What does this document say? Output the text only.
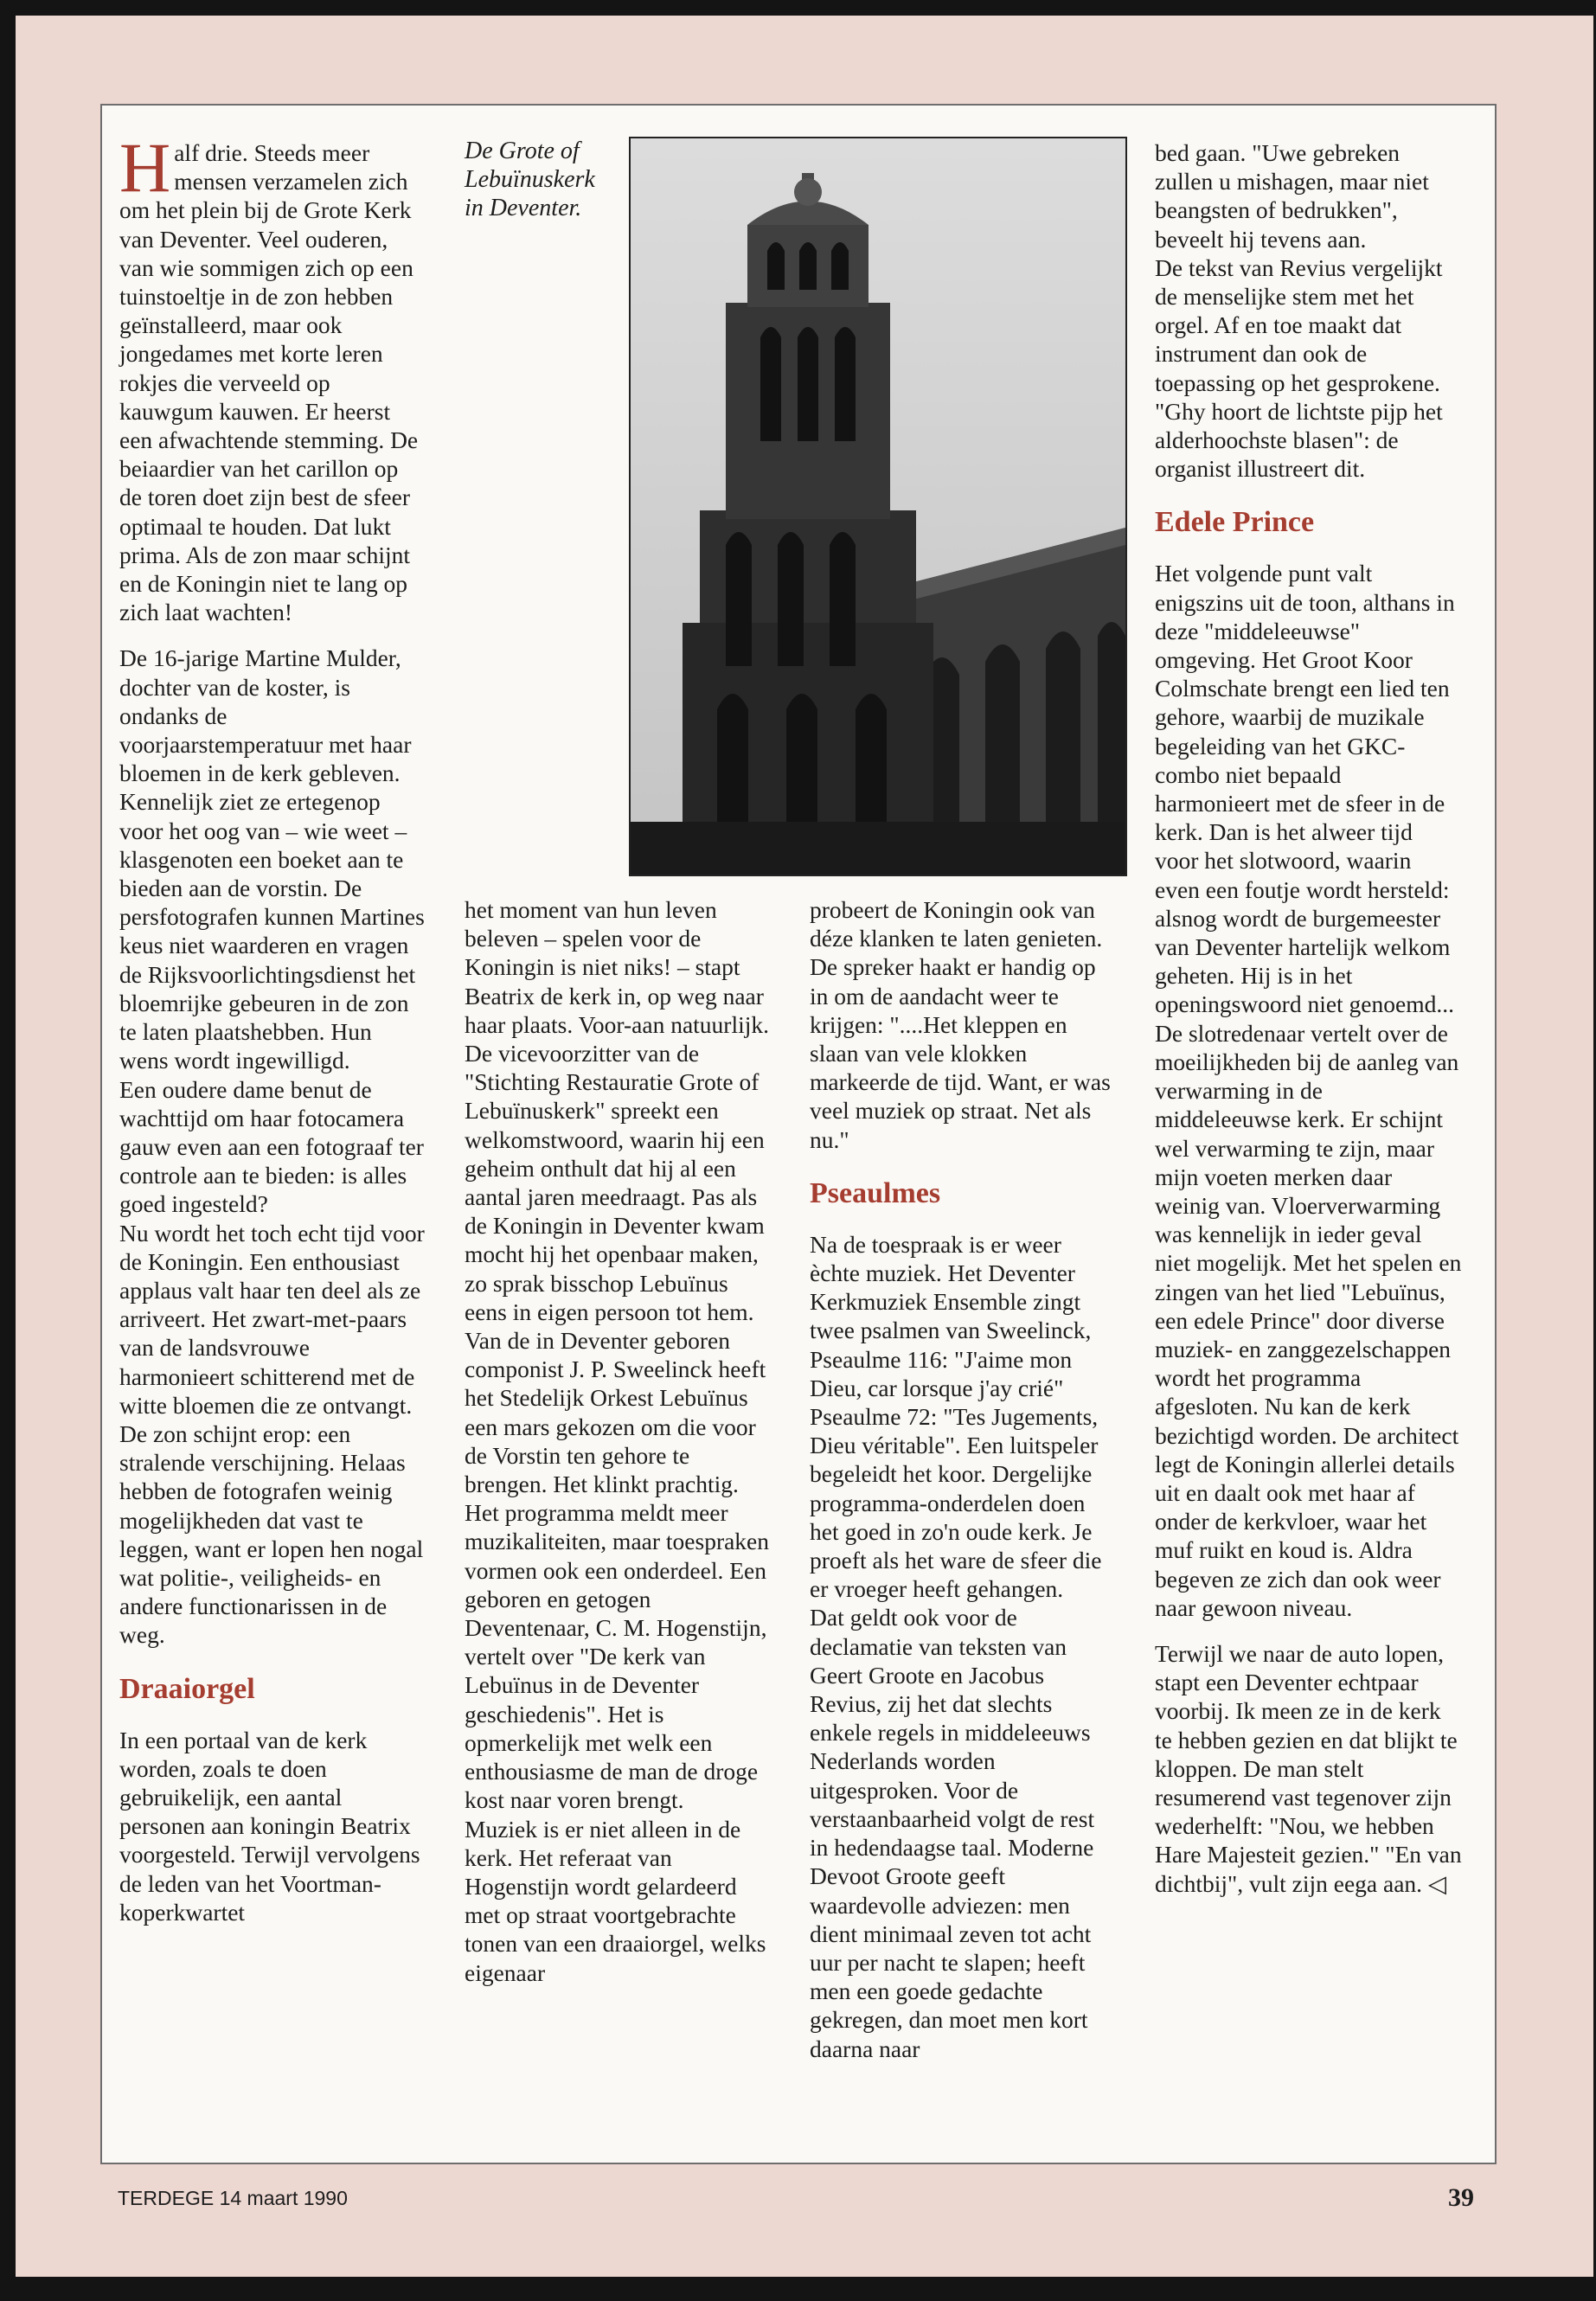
Half drie. Steeds meer mensen verzamelen zich om het plein bij de Grote Kerk van Deventer. Veel ouderen, van wie sommigen zich op een tuinstoeltje in de zon hebben geïnstalleerd, maar ook jongedames met korte leren rokjes die verveeld op kauwgum kauwen. Er heerst een afwachtende stemming. De beiaardier van het carillon op de toren doet zijn best de sfeer optimaal te houden. Dat lukt prima. Als de zon maar schijnt en de Koningin niet te lang op zich laat wachten!

De 16-jarige Martine Mulder, dochter van de koster, is ondanks de voorjaarstemperatuur met haar bloemen in de kerk gebleven. Kennelijk ziet ze ertegenop voor het oog van – wie weet – klasgenoten een boeket aan te bieden aan de vorstin. De persfotografen kunnen Martines keus niet waarderen en vragen de Rijksvoorlichtingsdienst het bloemrijke gebeuren in de zon te laten plaatshebben. Hun wens wordt ingewilligd.

Een oudere dame benut de wachttijd om haar fotocamera gauw even aan een fotograaf ter controle aan te bieden: is alles goed ingesteld?

Nu wordt het toch echt tijd voor de Koningin. Een enthousiast applaus valt haar ten deel als ze arriveert. Het zwart-met-paars van de landsvrouwe harmonieert schitterend met de witte bloemen die ze ontvangt. De zon schijnt erop: een stralende verschijning. Helaas hebben de fotografen weinig mogelijkheden dat vast te leggen, want er lopen hen nogal wat politie-, veiligheids- en andere functionarissen in de weg.

Draaiorgel

In een portaal van de kerk worden, zoals te doen gebruikelijk, een aantal personen aan koningin Beatrix voorgesteld. Terwijl vervolgens de leden van het Voortman-koperkwartet

De Grote of Lebuïnuskerk in Deventer.

het moment van hun leven beleven – spelen voor de Koningin is niet niks! – stapt Beatrix de kerk in, op weg naar haar plaats. Voor-aan natuurlijk. De vicevoorzitter van de "Stichting Restauratie Grote of Lebuïnuskerk" spreekt een welkomstwoord, waarin hij een geheim onthult dat hij al een aantal jaren meedraagt. Pas als de Koningin in Deventer kwam mocht hij het openbaar maken, zo sprak bisschop Lebuïnus eens in eigen persoon tot hem.

Van de in Deventer geboren componist J. P. Sweelinck heeft het Stedelijk Orkest Lebuïnus een mars gekozen om die voor de Vorstin ten gehore te brengen. Het klinkt prachtig.

Het programma meldt meer muzikaliteiten, maar toespraken vormen ook een onderdeel. Een geboren en getogen Deventenaar, C. M. Hogenstijn, vertelt over "De kerk van Lebuïnus in de Deventer geschiedenis". Het is opmerkelijk met welk een enthousiasme de man de droge kost naar voren brengt.

Muziek is er niet alleen in de kerk. Het referaat van Hogenstijn wordt gelardeerd met op straat voortgebrachte tonen van een draaiorgel, welks eigenaar

probeert de Koningin ook van déze klanken te laten genieten. De spreker haakt er handig op in om de aandacht weer te krijgen: "....Het kleppen en slaan van vele klokken markeerde de tijd. Want, er was veel muziek op straat. Net als nu."

Pseaulmes

Na de toespraak is er weer èchte muziek. Het Deventer Kerkmuziek Ensemble zingt twee psalmen van Sweelinck, Pseaulme 116: "J'aime mon Dieu, car lorsque j'ay crié" Pseaulme 72: "Tes Jugements, Dieu véritable". Een luitspeler begeleidt het koor. Dergelijke programma-onderdelen doen het goed in zo'n oude kerk. Je proeft als het ware de sfeer die er vroeger heeft gehangen.

Dat geldt ook voor de declamatie van teksten van Geert Groote en Jacobus Revius, zij het dat slechts enkele regels in middeleeuws Nederlands worden uitgesproken. Voor de verstaanbaarheid volgt de rest in hedendaagse taal. Moderne Devoot Groote geeft waardevolle adviezen: men dient minimaal zeven tot acht uur per nacht te slapen; heeft men een goede gedachte gekregen, dan moet men kort daarna naar

bed gaan. "Uwe gebreken zullen u mishagen, maar niet beangsten of bedrukken", beveelt hij tevens aan.

De tekst van Revius vergelijkt de menselijke stem met het orgel. Af en toe maakt dat instrument dan ook de toepassing op het gesprokene. "Ghy hoort de lichtste pijp het alderhoochste blasen": de organist illustreert dit.

Edele Prince

Het volgende punt valt enigszins uit de toon, althans in deze "middeleeuwse" omgeving. Het Groot Koor Colmschate brengt een lied ten gehore, waarbij de muzikale begeleiding van het GKC-combo niet bepaald harmonieert met de sfeer in de kerk. Dan is het alweer tijd voor het slotwoord, waarin even een foutje wordt hersteld: alsnog wordt de burgemeester van Deventer hartelijk welkom geheten. Hij is in het openingswoord niet genoemd... De slotredenaar vertelt over de moeilijkheden bij de aanleg van verwarming in de middeleeuwse kerk. Er schijnt wel verwarming te zijn, maar mijn voeten merken daar weinig van. Vloerverwarming was kennelijk in ieder geval niet mogelijk. Met het spelen en zingen van het lied "Lebuïnus, een edele Prince" door diverse muziek- en zanggezelschappen wordt het programma afgesloten. Nu kan de kerk bezichtigd worden. De architect legt de Koningin allerlei details uit en daalt ook met haar af onder de kerkvloer, waar het muf ruikt en koud is. Aldra begeven ze zich dan ook weer naar gewoon niveau.

Terwijl we naar de auto lopen, stapt een Deventer echtpaar voorbij. Ik meen ze in de kerk te hebben gezien en dat blijkt te kloppen. De man stelt resumerend vast tegenover zijn wederhelft: "Nou, we hebben Hare Majesteit gezien." "En van dichtbij", vult zijn eega aan. ◁

TERDEGE 14 maart 1990	39
